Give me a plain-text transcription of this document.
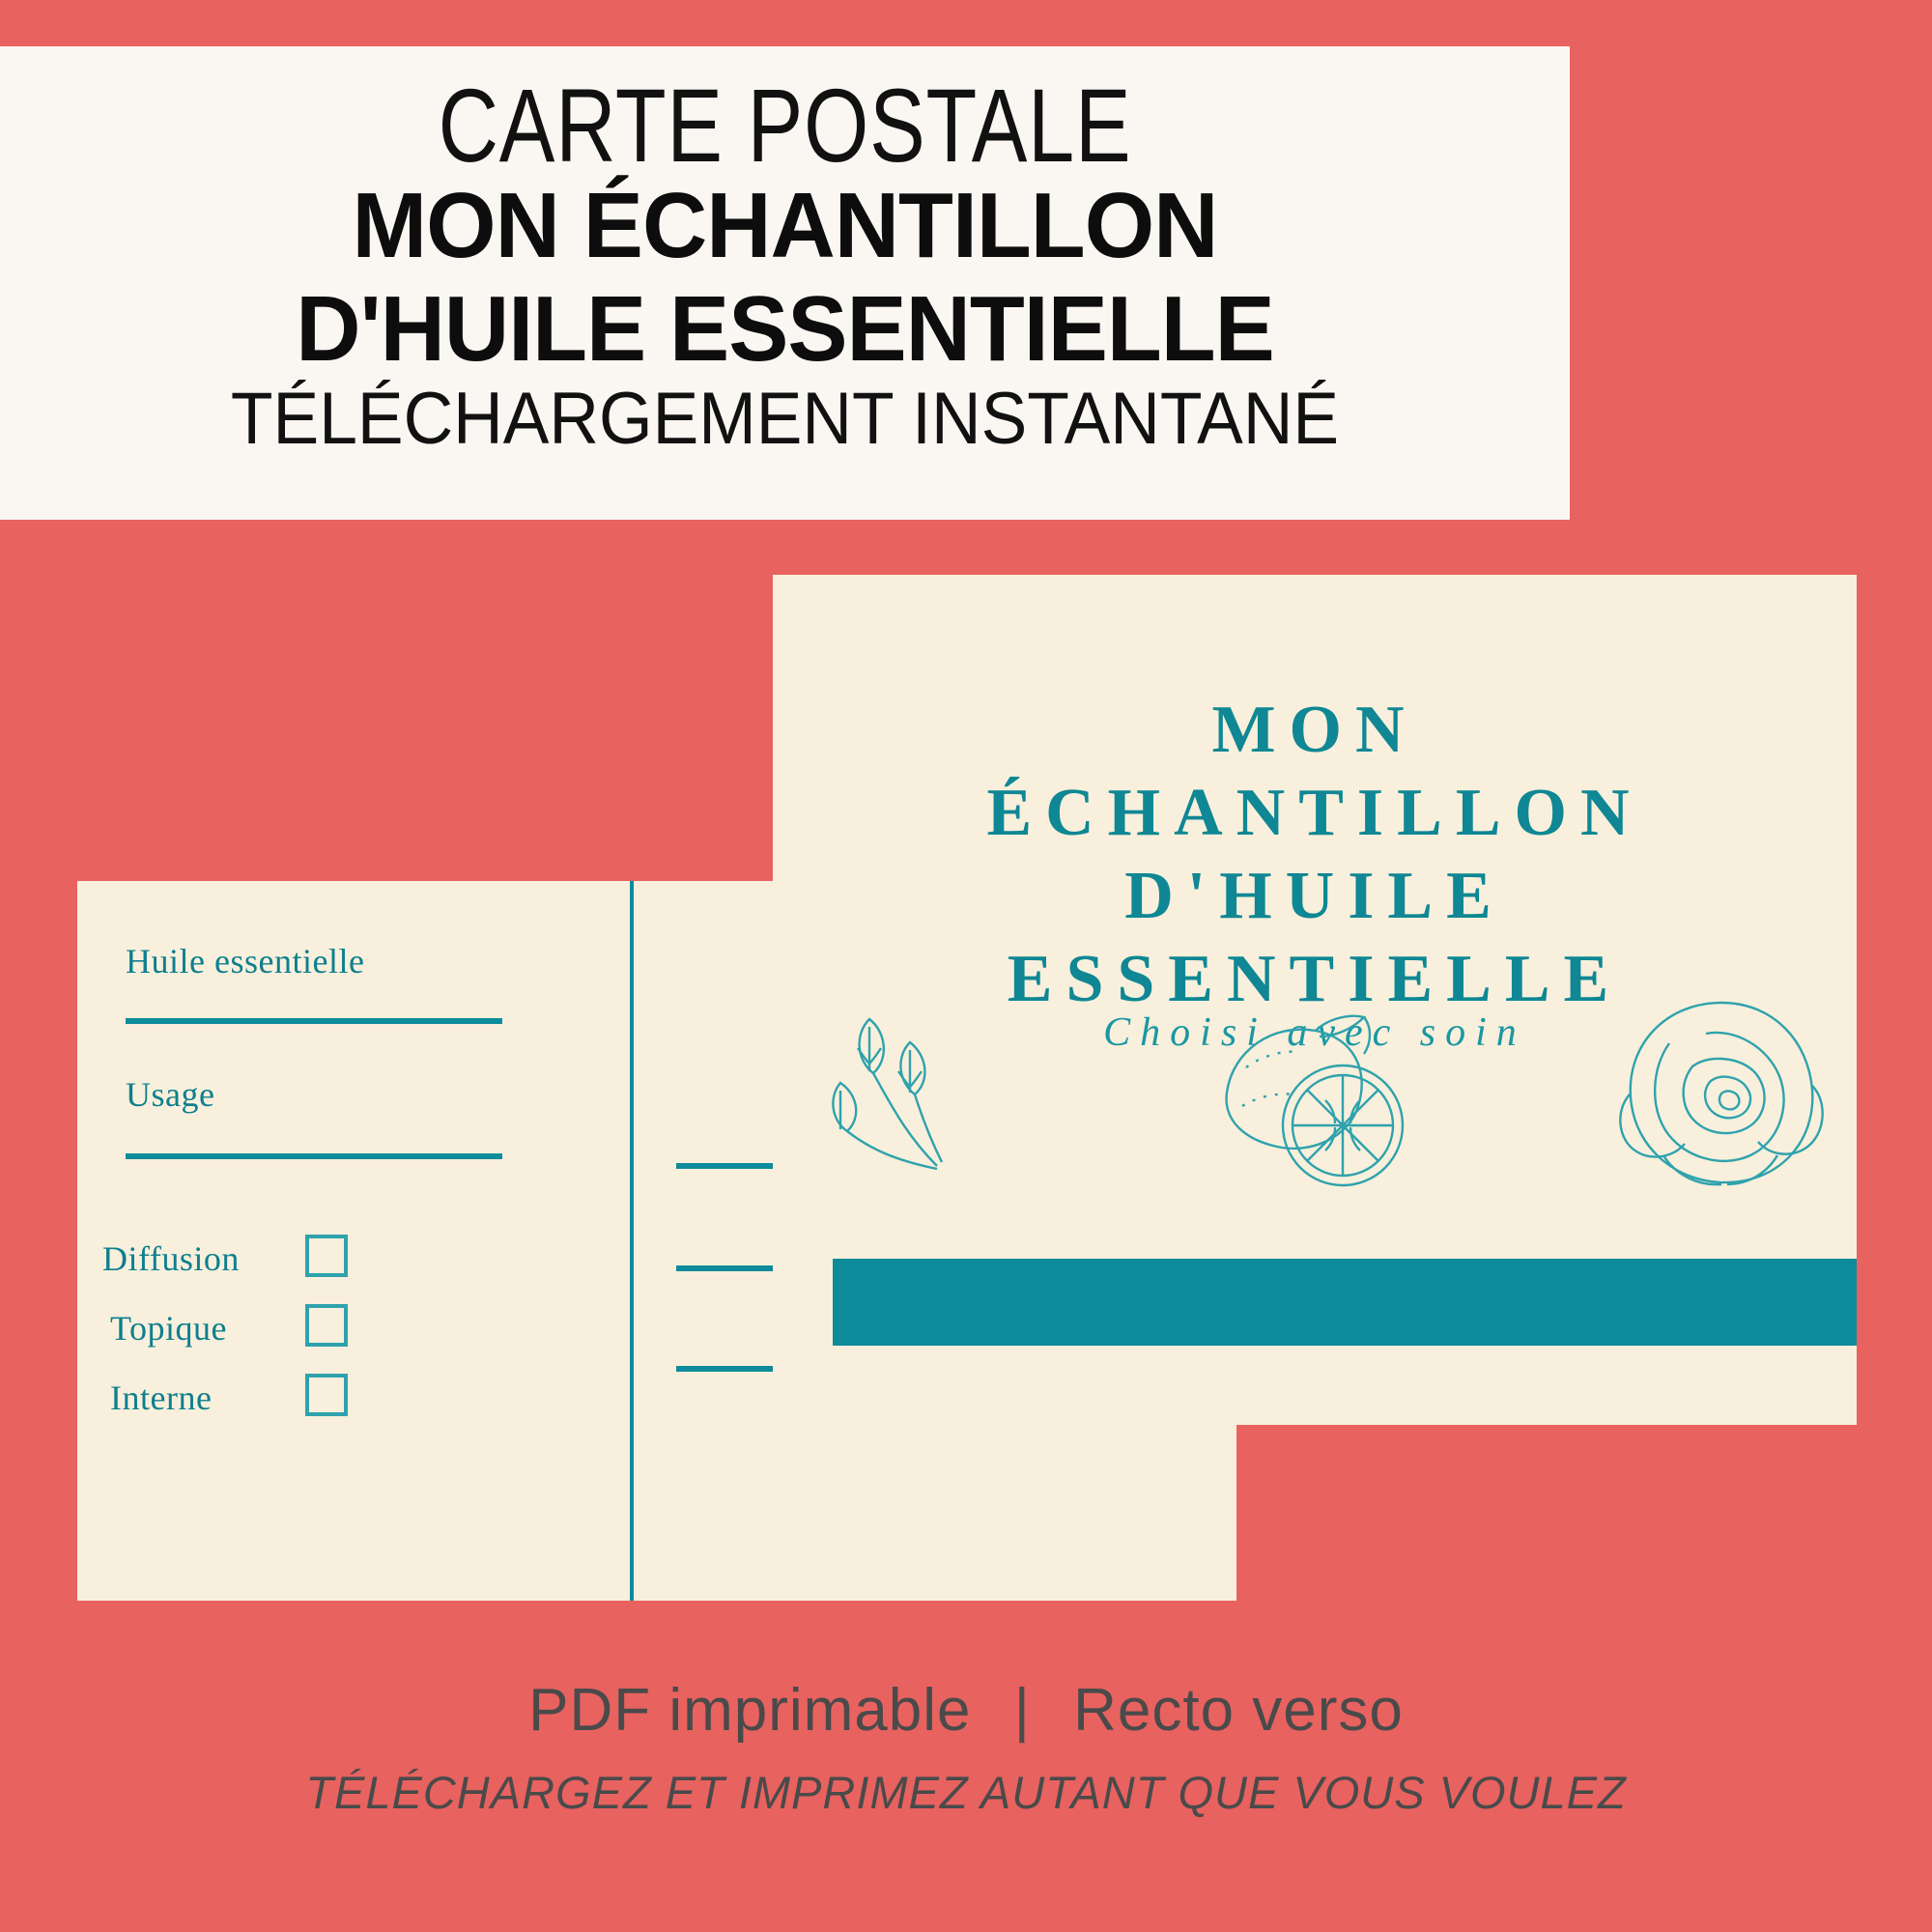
CARTE POSTALE
MON ÉCHANTILLON
D'HUILE ESSENTIELLE
TÉLÉCHARGEMENT INSTANTANÉ
Huile essentielle
Usage
Diffusion
Topique
Interne
MON
ÉCHANTILLON
D'HUILE
ESSENTIELLE
Choisi avec soin
PDF imprimable | Recto verso
TÉLÉCHARGEZ ET IMPRIMEZ AUTANT QUE VOUS VOULEZ
